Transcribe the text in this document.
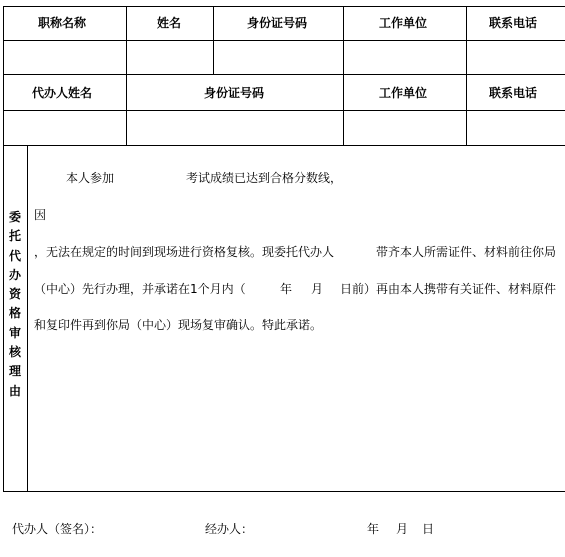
职称名称	姓名	身份证号码	工作单位	联系电话
代办人姓名	身份证号码	工作单位	联系电话
委
托
代
办
资
格
审
核
理
由
本人参加	考试成绩已达到合格分数线，
因
，无法在规定的时间到现场进行资格复核。现委托代办人	带齐本人所需证件、材料前往你局
（中心）先行办理，并承诺在1个月内（	年 月 日前）再由本人携带有关证件、材料原件
和复印件再到你局（中心）现场复审确认。特此承诺。
代办人（签名）：	经办人：	年 月 日
